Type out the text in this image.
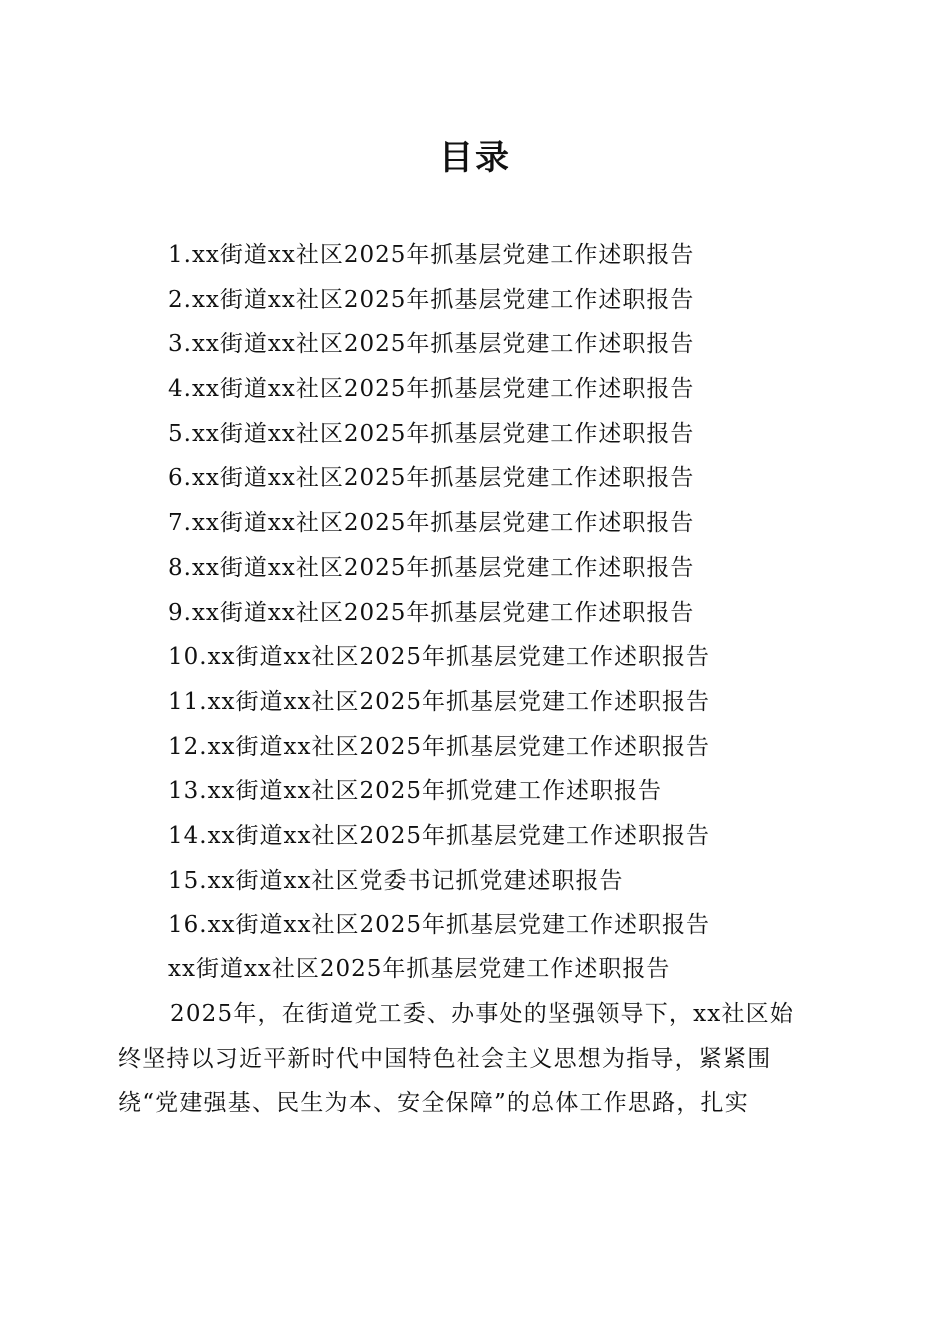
目录
1.xx街道xx社区2025年抓基层党建工作述职报告
2.xx街道xx社区2025年抓基层党建工作述职报告
3.xx街道xx社区2025年抓基层党建工作述职报告
4.xx街道xx社区2025年抓基层党建工作述职报告
5.xx街道xx社区2025年抓基层党建工作述职报告
6.xx街道xx社区2025年抓基层党建工作述职报告
7.xx街道xx社区2025年抓基层党建工作述职报告
8.xx街道xx社区2025年抓基层党建工作述职报告
9.xx街道xx社区2025年抓基层党建工作述职报告
10.xx街道xx社区2025年抓基层党建工作述职报告
11.xx街道xx社区2025年抓基层党建工作述职报告
12.xx街道xx社区2025年抓基层党建工作述职报告
13.xx街道xx社区2025年抓党建工作述职报告
14.xx街道xx社区2025年抓基层党建工作述职报告
15.xx街道xx社区党委书记抓党建述职报告
16.xx街道xx社区2025年抓基层党建工作述职报告
xx街道xx社区2025年抓基层党建工作述职报告

2025年，在街道党工委、办事处的坚强领导下，xx社区始
终坚持以习近平新时代中国特色社会主义思想为指导，紧紧围
绕“党建强基、民生为本、安全保障”的总体工作思路，扎实
